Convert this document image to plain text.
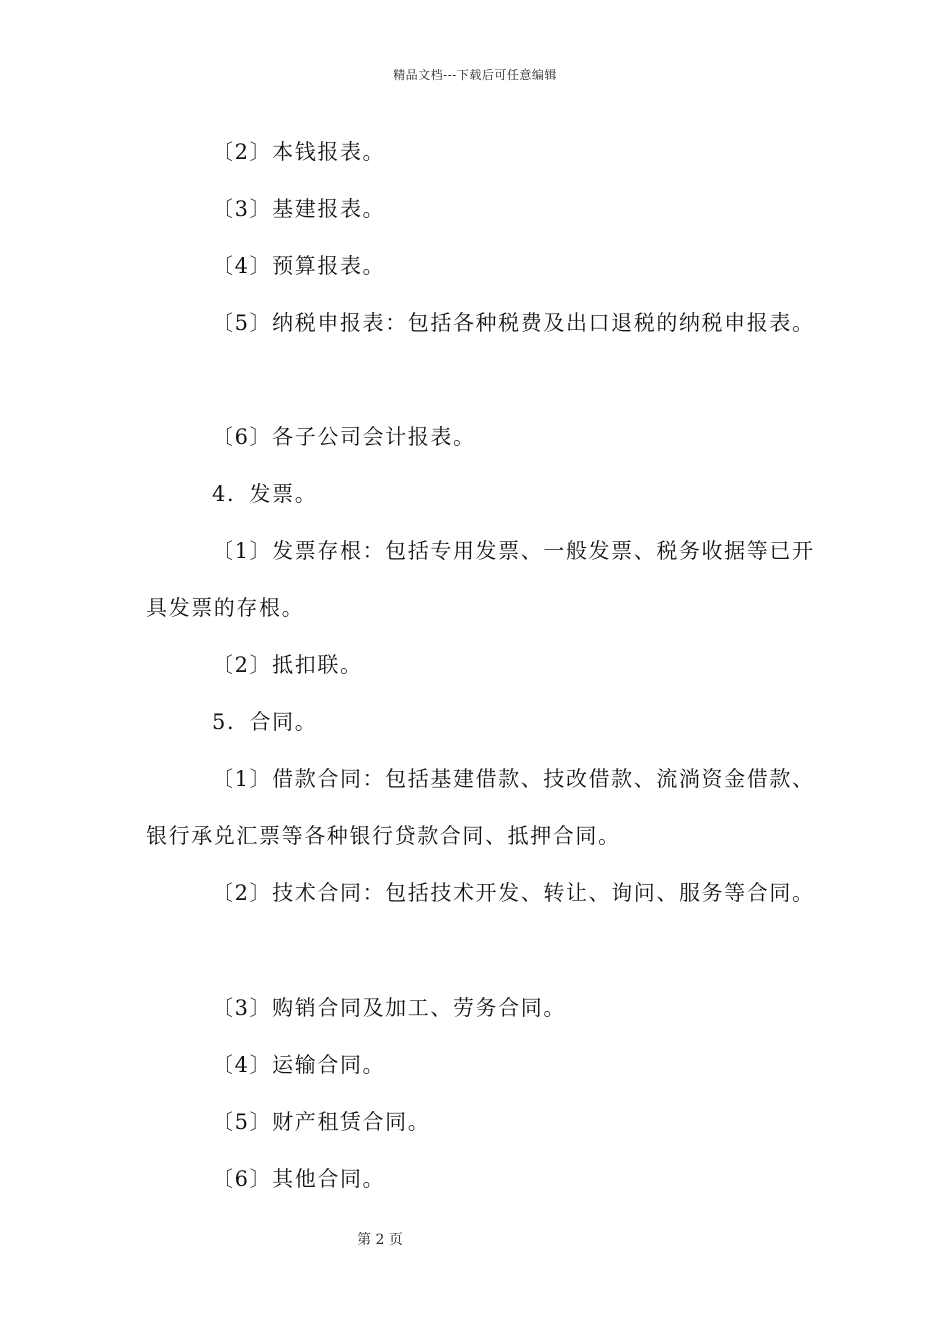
精品文档---下载后可任意编辑
〔2〕本钱报表。
〔3〕基建报表。
〔4〕预算报表。
〔5〕纳税申报表：包括各种税费及出口退税的纳税申报表。
〔6〕各子公司会计报表。
4．发票。
〔1〕发票存根：包括专用发票、一般发票、税务收据等已开
具发票的存根。
〔2〕抵扣联。
5．合同。
〔1〕借款合同：包括基建借款、技改借款、流淌资金借款、
银行承兑汇票等各种银行贷款合同、抵押合同。
〔2〕技术合同：包括技术开发、转让、询问、服务等合同。
〔3〕购销合同及加工、劳务合同。
〔4〕运输合同。
〔5〕财产租赁合同。
〔6〕其他合同。
第 2 页
